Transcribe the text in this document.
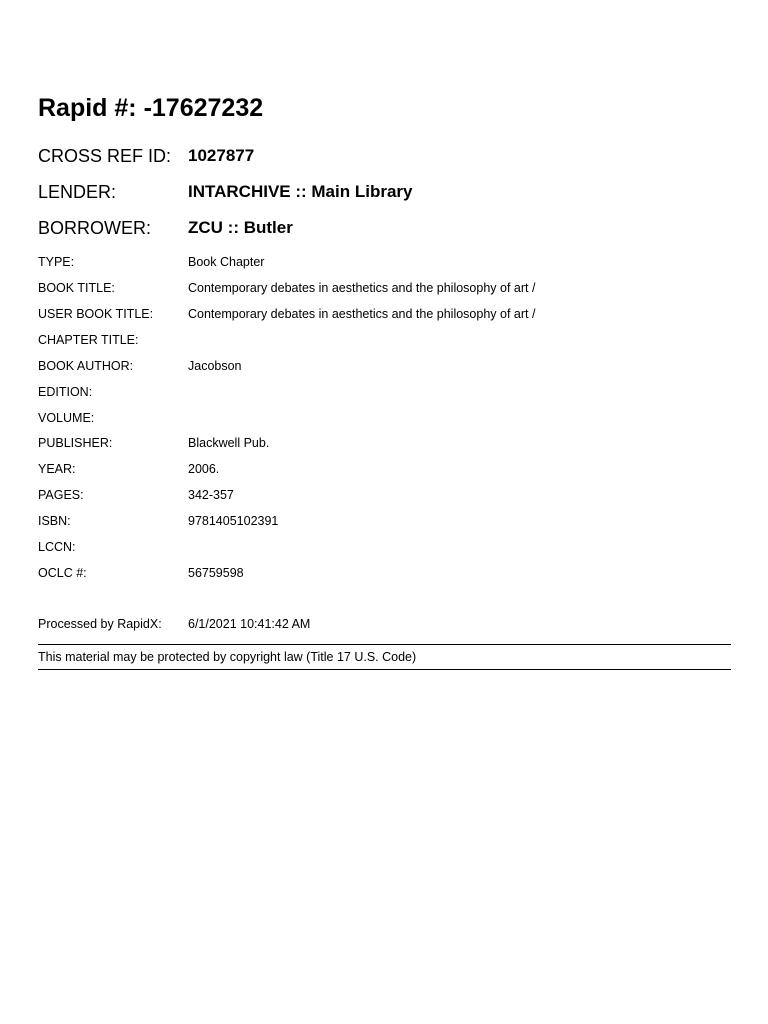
Rapid #: -17627232
CROSS REF ID: 1027877
LENDER:	INTARCHIVE :: Main Library
BORROWER: ZCU :: Butler
TYPE:	Book Chapter
BOOK TITLE:	Contemporary debates in aesthetics and the philosophy of art /
USER BOOK TITLE:	Contemporary debates in aesthetics and the philosophy of art /
CHAPTER TITLE:
BOOK AUTHOR:	Jacobson
EDITION:
VOLUME:
PUBLISHER:	Blackwell Pub.
YEAR:	2006.
PAGES:	342-357
ISBN:	9781405102391
LCCN:
OCLC #:	56759598
Processed by RapidX: 6/1/2021 10:41:42 AM
This material may be protected by copyright law (Title 17 U.S. Code)
